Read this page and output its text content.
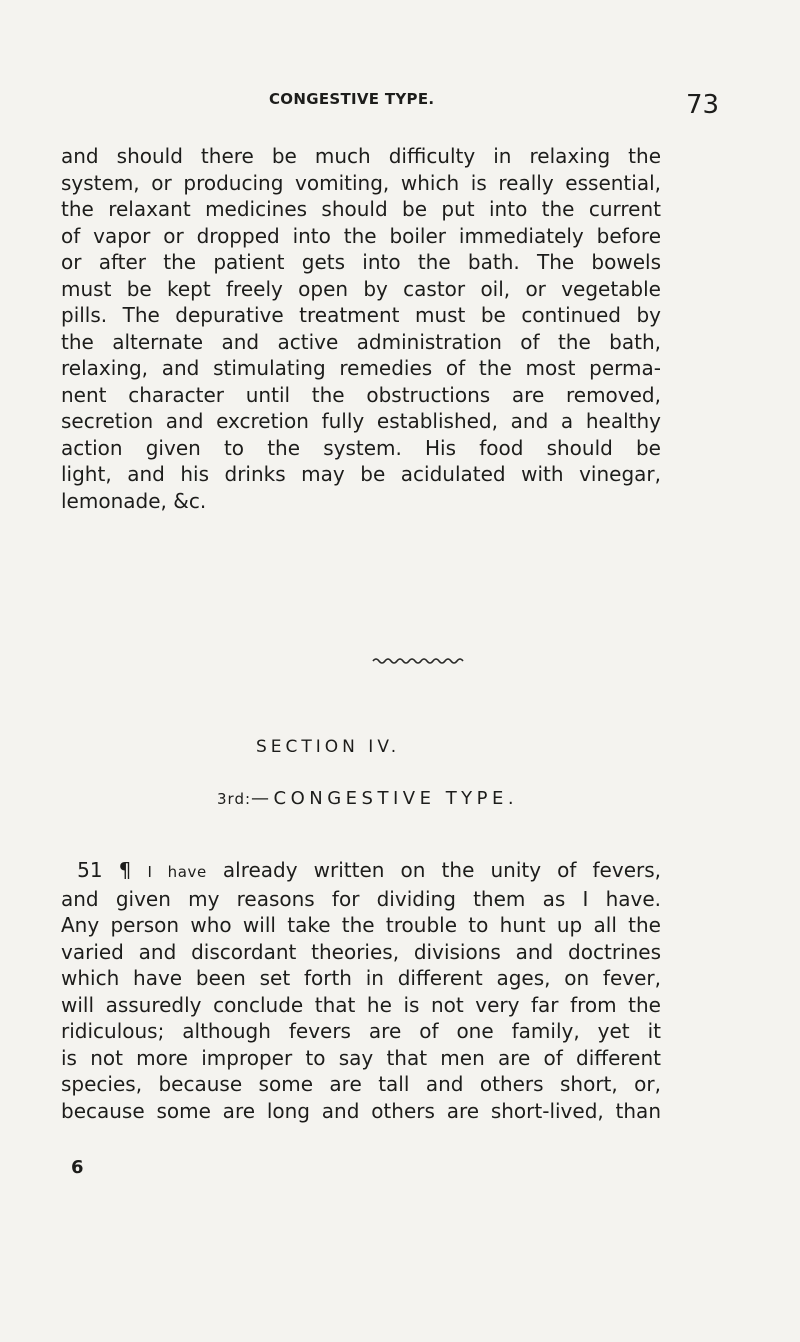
CONGESTIVE TYPE.	73
and should there be much difficulty in relaxing the
system, or producing vomiting, which is really essential,
the relaxant medicines should be put into the current
of vapor or dropped into the boiler immediately before
or after the patient gets into the bath. The bowels
must be kept freely open by castor oil, or vegetable
pills. The depurative treatment must be continued by
the alternate and active administration of the bath,
relaxing, and stimulating remedies of the most perma-
nent character until the obstructions are removed,
secretion and excretion fully established, and a healthy
action given to the system. His food should be
light, and his drinks may be acidulated with vinegar,
lemonade, &c.
SECTION IV.
3rd:—CONGESTIVE TYPE.
51 ¶ I have already written on the unity of fevers,
and given my reasons for dividing them as I have.
Any person who will take the trouble to hunt up all the
varied and discordant theories, divisions and doctrines
which have been set forth in different ages, on fever,
will assuredly conclude that he is not very far from the
ridiculous; although fevers are of one family, yet it
is not more improper to say that men are of different
species, because some are tall and others short, or,
because some are long and others are short-lived, than
6
